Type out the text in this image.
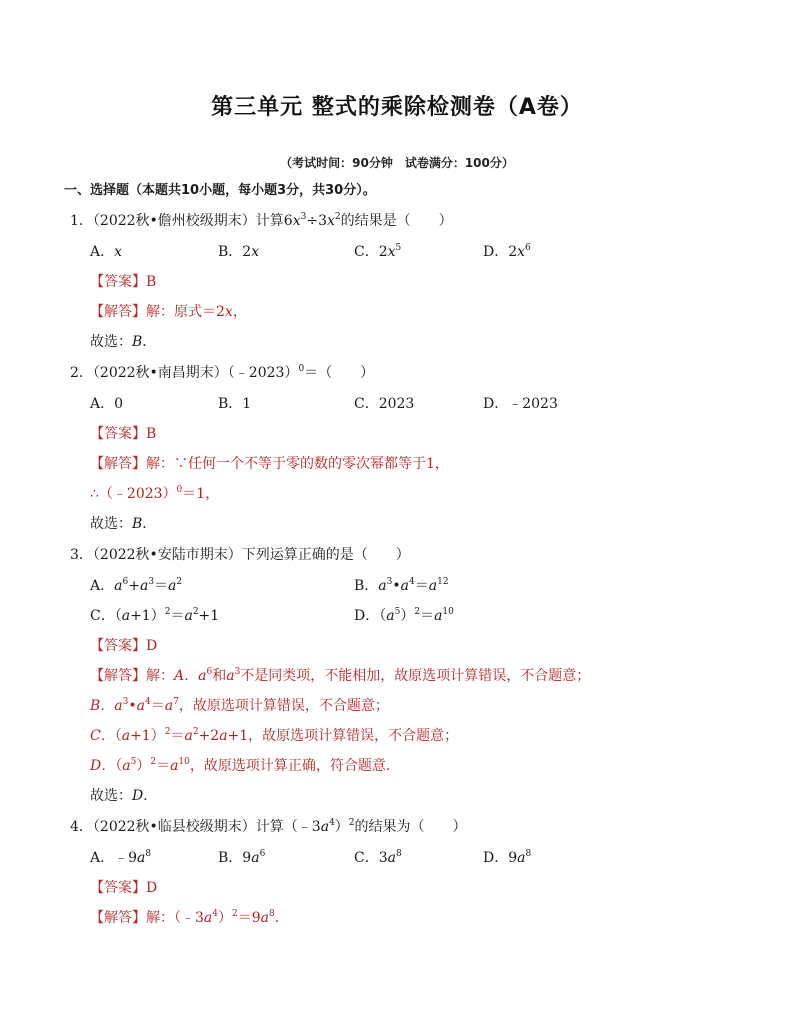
第三单元 整式的乘除检测卷（A卷）
（考试时间：90分钟　试卷满分：100分）
一、选择题（本题共10小题，每小题3分，共30分）。
1．（2022秋•儋州校级期末）计算$6x^3\div 3x^2$的结果是（　　）
A．x	B．2x	C．$2x^5$	D．$2x^6$
【答案】B
【解答】解：原式＝2x，
故选：B．
2．（2022秋•南昌期末）（﹣2023）$^0$＝（　　）
A．0	B．1	C．2023	D．﹣2023
【答案】B
【解答】解：∵任何一个不等于零的数的零次幂都等于1，
∴（﹣2023）$^0$＝1，
故选：B．
3．（2022秋•安陆市期末）下列运算正确的是（　　）
A．$a^6+a^3=a^2$	B．$a^3•a^4=a^{12}$
C．$(a+1)^2=a^2+1$	D．$(a^5)^2=a^{10}$
【答案】D
【解答】解：A．$a^6$和$a^3$不是同类项，不能相加，故原选项计算错误，不合题意；
B．$a^3•a^4=a^7$，故原选项计算错误，不合题意；
C．$(a+1)^2=a^2+2a+1$，故原选项计算错误，不合题意；
D．$(a^5)^2=a^{10}$，故原选项计算正确，符合题意．
故选：D．
4．（2022秋•临县校级期末）计算$(﹣3a^4)^2$的结果为（　　）
A．$﹣9a^8$	B．$9a^6$	C．$3a^8$	D．$9a^8$
【答案】D
【解答】解：$(﹣3a^4)^2=9a^8$．
